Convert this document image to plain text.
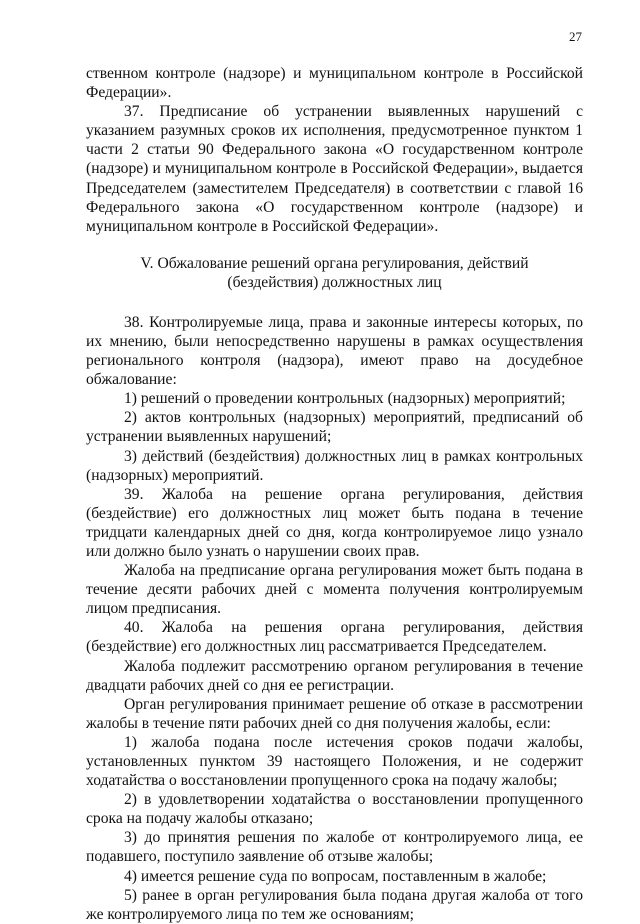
27

ственном контроле (надзоре) и муниципальном контроле в Российской Федерации».

37. Предписание об устранении выявленных нарушений с указанием разумных сроков их исполнения, предусмотренное пунктом 1 части 2 статьи 90 Федерального закона «О государственном контроле (надзоре) и муниципальном контроле в Российской Федерации», выдается Председателем (заместителем Председателя) в соответствии с главой 16 Федерального закона «О государственном контроле (надзоре) и муниципальном контроле в Российской Федерации».

V. Обжалование решений органа регулирования, действий
(бездействия) должностных лиц

38. Контролируемые лица, права и законные интересы которых, по их мнению, были непосредственно нарушены в рамках осуществления регионального контроля (надзора), имеют право на досудебное обжалование:

1) решений о проведении контрольных (надзорных) мероприятий;

2) актов контрольных (надзорных) мероприятий, предписаний об устранении выявленных нарушений;

3) действий (бездействия) должностных лиц в рамках контрольных (надзорных) мероприятий.

39. Жалоба на решение органа регулирования, действия (бездействие) его должностных лиц может быть подана в течение тридцати календарных дней со дня, когда контролируемое лицо узнало или должно было узнать о нарушении своих прав.

Жалоба на предписание органа регулирования может быть подана в течение десяти рабочих дней с момента получения контролируемым лицом предписания.

40. Жалоба на решения органа регулирования, действия (бездействие) его должностных лиц рассматривается Председателем.

Жалоба подлежит рассмотрению органом регулирования в течение двадцати рабочих дней со дня ее регистрации.

Орган регулирования принимает решение об отказе в рассмотрении жалобы в течение пяти рабочих дней со дня получения жалобы, если:

1) жалоба подана после истечения сроков подачи жалобы, установленных пунктом 39 настоящего Положения, и не содержит ходатайства о восстановлении пропущенного срока на подачу жалобы;

2) в удовлетворении ходатайства о восстановлении пропущенного срока на подачу жалобы отказано;

3) до принятия решения по жалобе от контролируемого лица, ее подавшего, поступило заявление об отзыве жалобы;

4) имеется решение суда по вопросам, поставленным в жалобе;

5) ранее в орган регулирования была подана другая жалоба от того же контролируемого лица по тем же основаниям;
